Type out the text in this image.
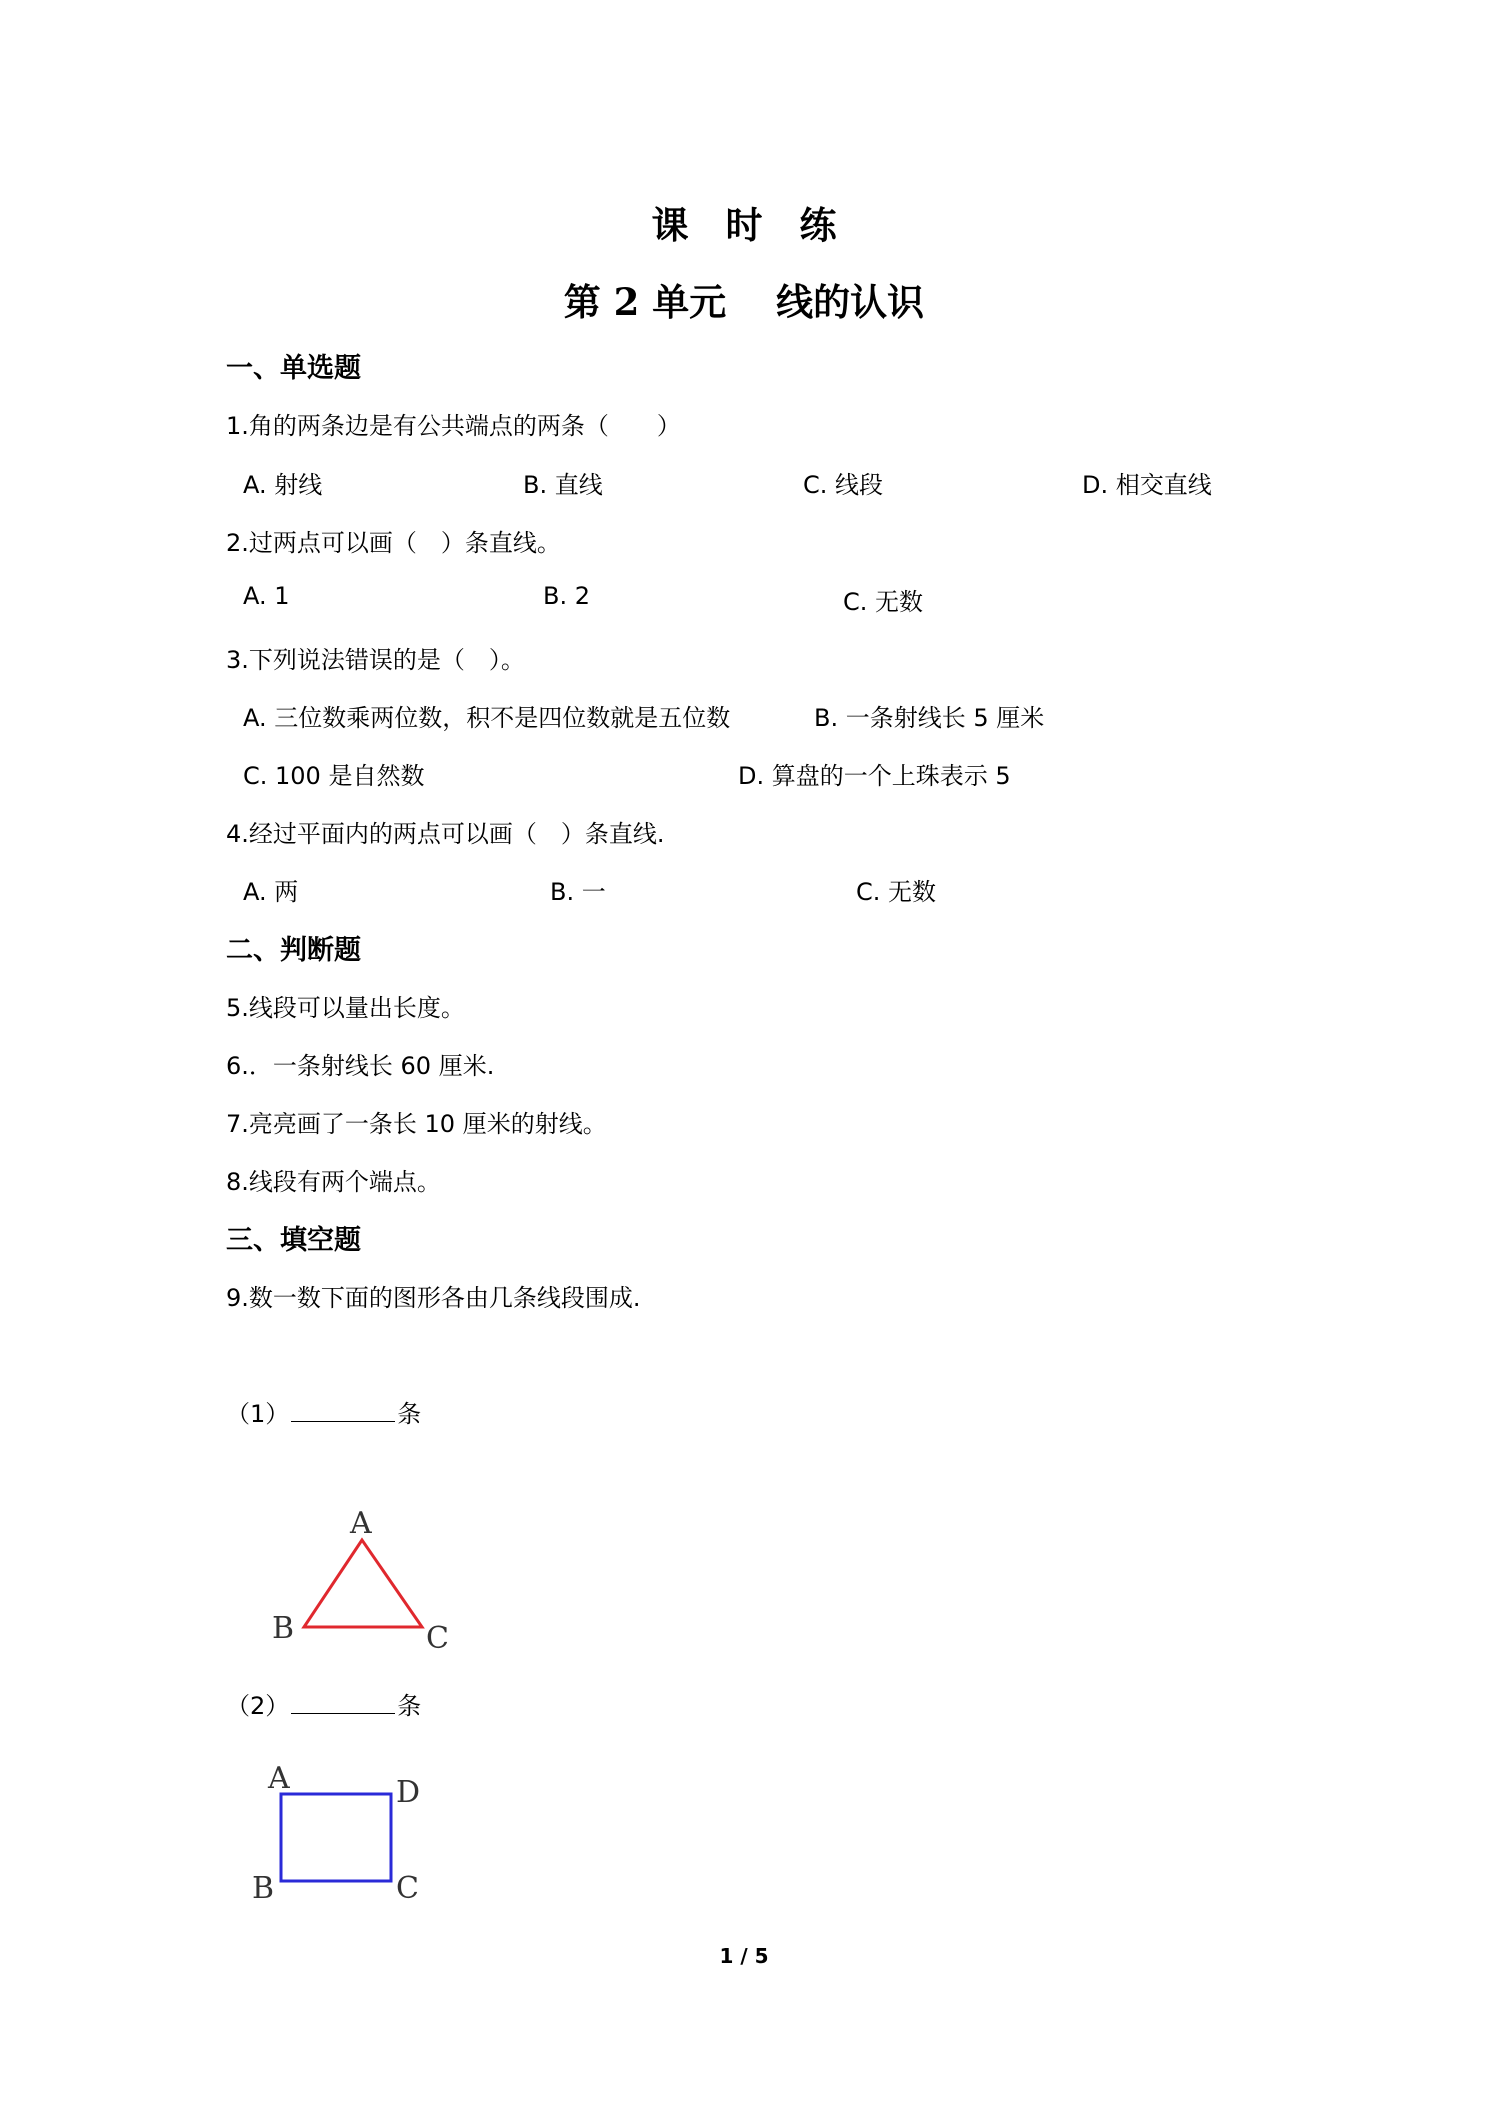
课　时　练
第 2 单元　 线的认识
一、单选题
1.角的两条边是有公共端点的两条（　　）
A. 射线	B. 直线	C. 线段	D. 相交直线
2.过两点可以画（　）条直线。
A. 1	B. 2	C. 无数
3.下列说法错误的是（　）。
A. 三位数乘两位数，积不是四位数就是五位数	B. 一条射线长 5 厘米
C. 100 是自然数	D. 算盘的一个上珠表示 5
4.经过平面内的两点可以画（　）条直线.
A. 两	B. 一	C. 无数
二、判断题
5.线段可以量出长度。
6.．一条射线长 60 厘米.
7.亮亮画了一条长 10 厘米的射线。
8.线段有两个端点。
三、填空题
9.数一数下面的图形各由几条线段围成.
（1）	条
A
B	C
（2）	条
A	D
B	C
1 / 5
